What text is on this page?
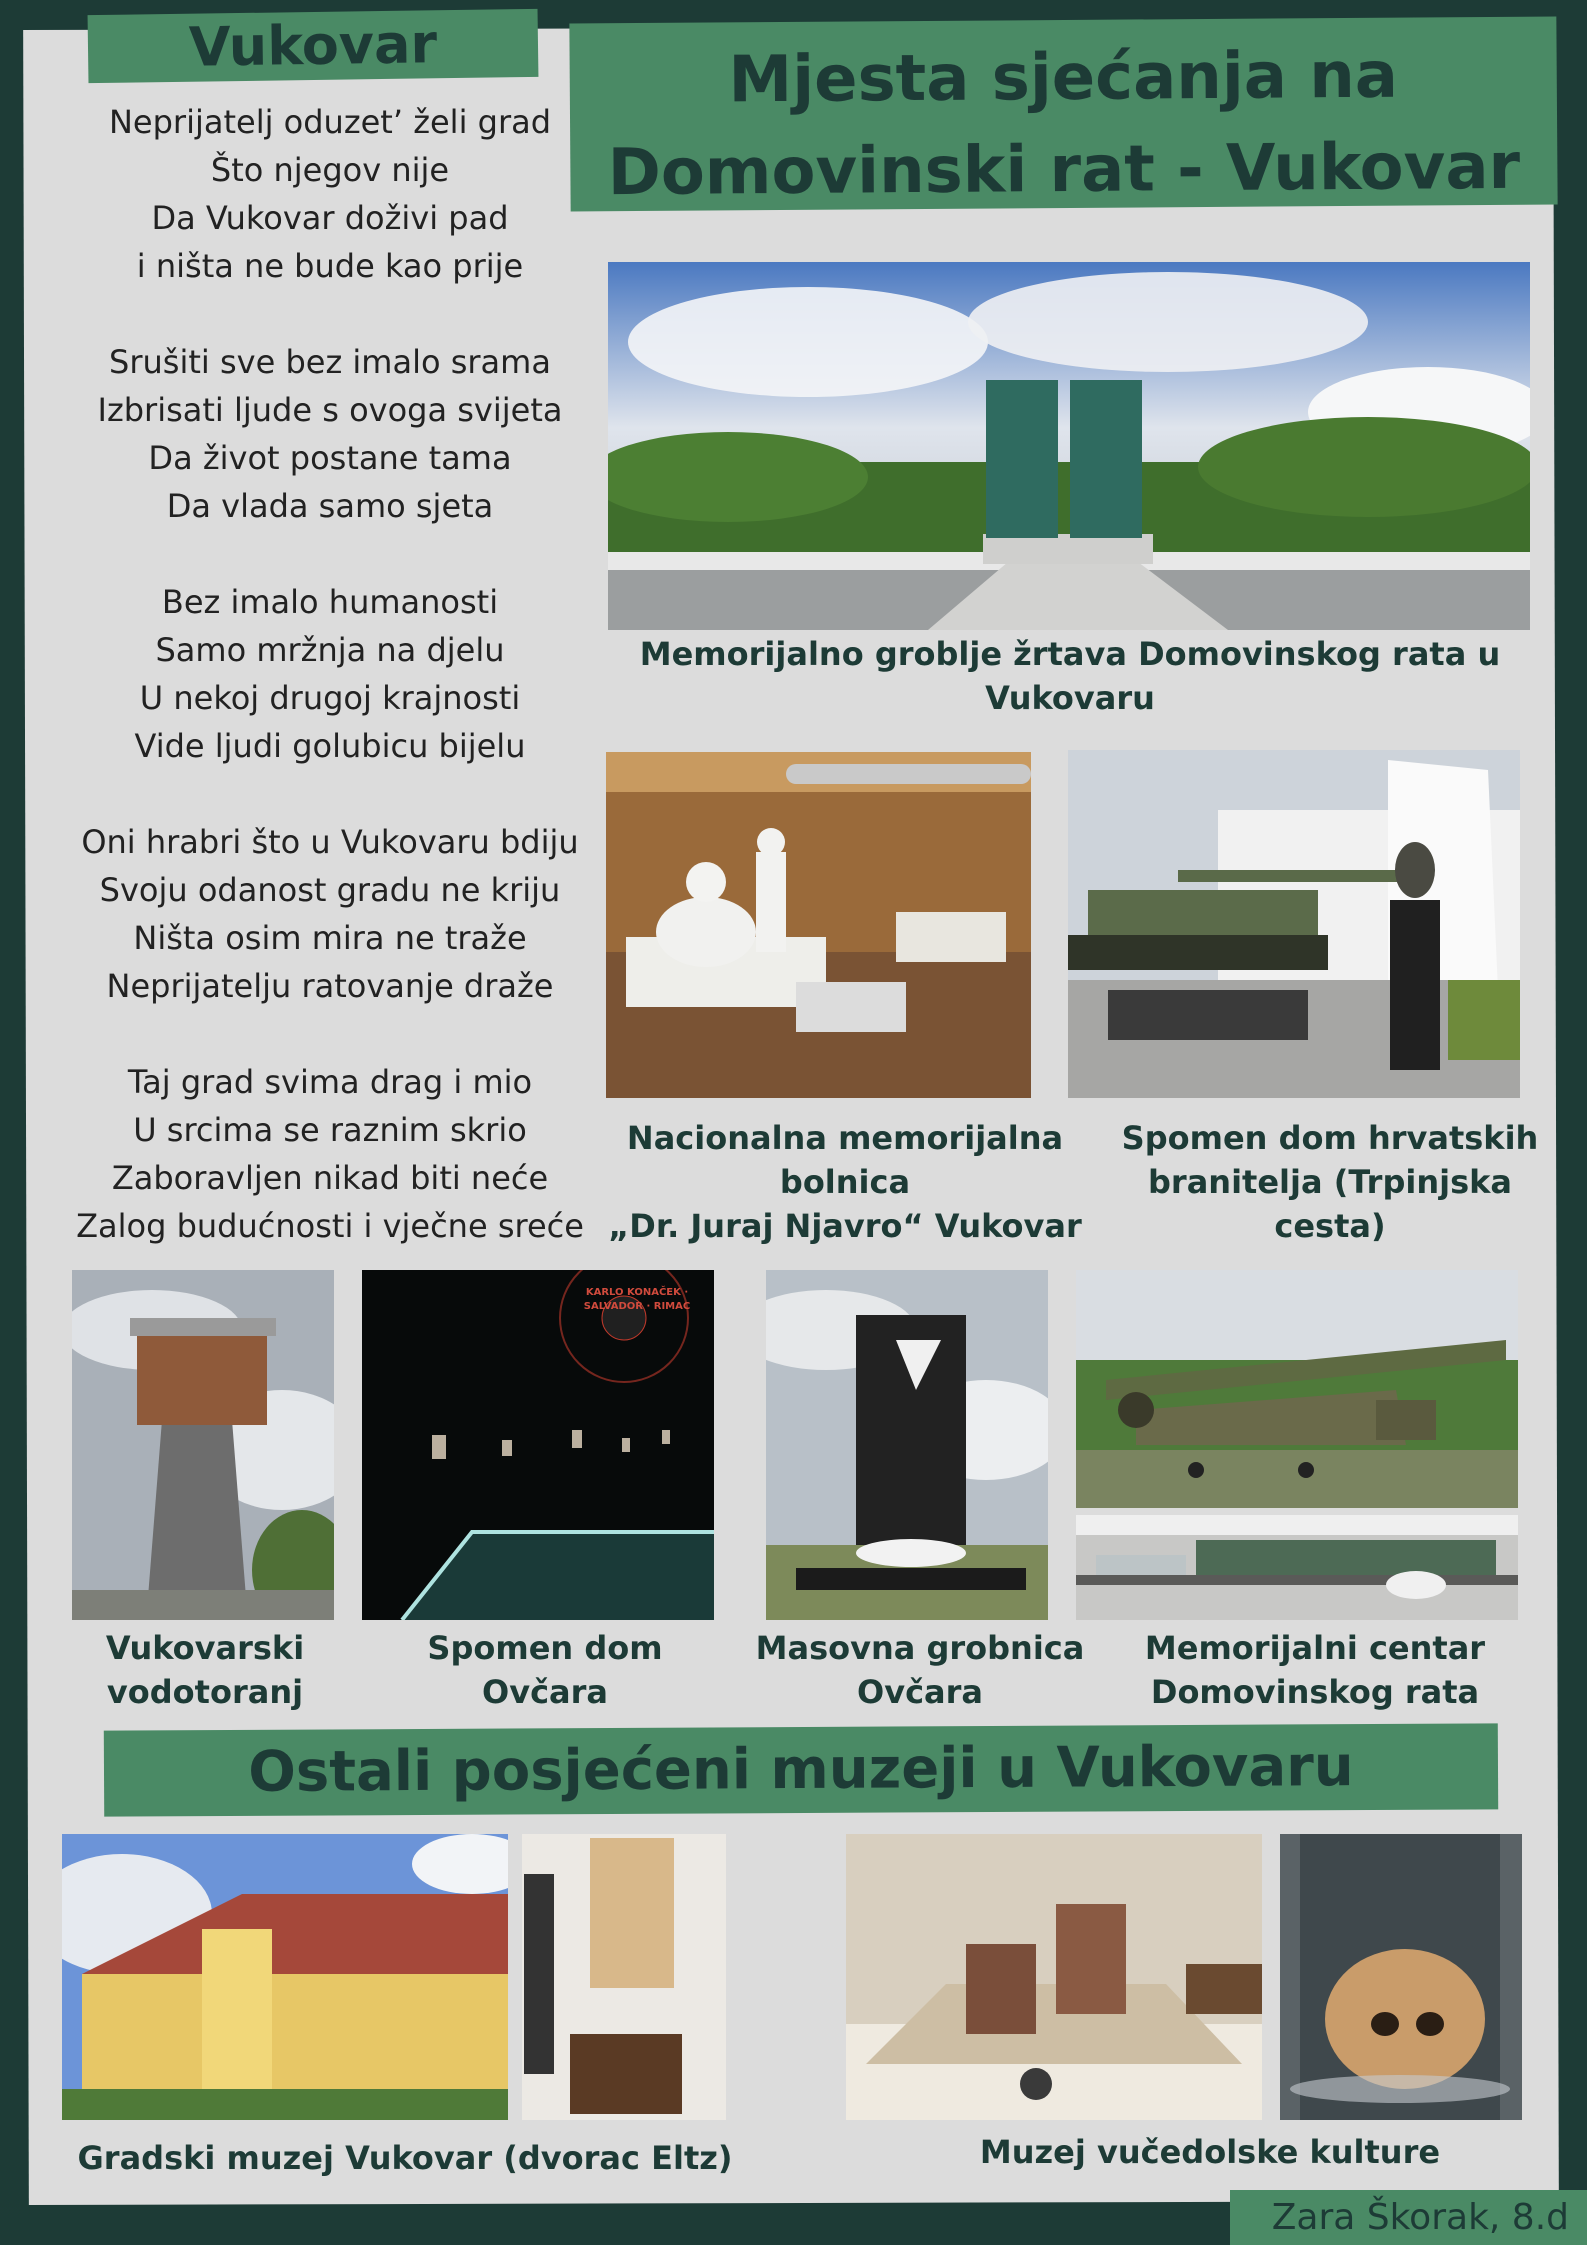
Vukovar	Mjesta sjećanja na
Domovinski rat - Vukovar
Neprijatelj oduzet’ želi grad
Što njegov nije
Da Vukovar doživi pad
i ništa ne bude kao prije
Srušiti sve bez imalo srama
Izbrisati ljude s ovoga svijeta
Da život postane tama
Da vlada samo sjeta
Bez imalo humanosti
Samo mržnja na djelu
U nekoj drugoj krajnosti
Vide ljudi golubicu bijelu
Oni hrabri što u Vukovaru bdiju
Svoju odanost gradu ne kriju
Ništa osim mira ne traže
Neprijatelju ratovanje draže
Taj grad svima drag i mio
U srcima se raznim skrio
Zaboravljen nikad biti neće
Zalog budućnosti i vječne sreće
Memorijalno groblje žrtava Domovinskog rata u Vukovaru
Nacionalna memorijalna bolnica
„Dr. Juraj Njavro“ Vukovar
Spomen dom hrvatskih
branitelja (Trpinjska cesta)
Vukovarski
vodotoranj
KARLO KONAČEK · SALVADOR · RIMAC
Spomen dom
Ovčara
Masovna grobnica
Ovčara
Memorijalni centar
Domovinskog rata
Ostali posjećeni muzeji u Vukovaru
Gradski muzej Vukovar (dvorac Eltz)	Muzej vučedolske kulture
Zara Škorak, 8.d
